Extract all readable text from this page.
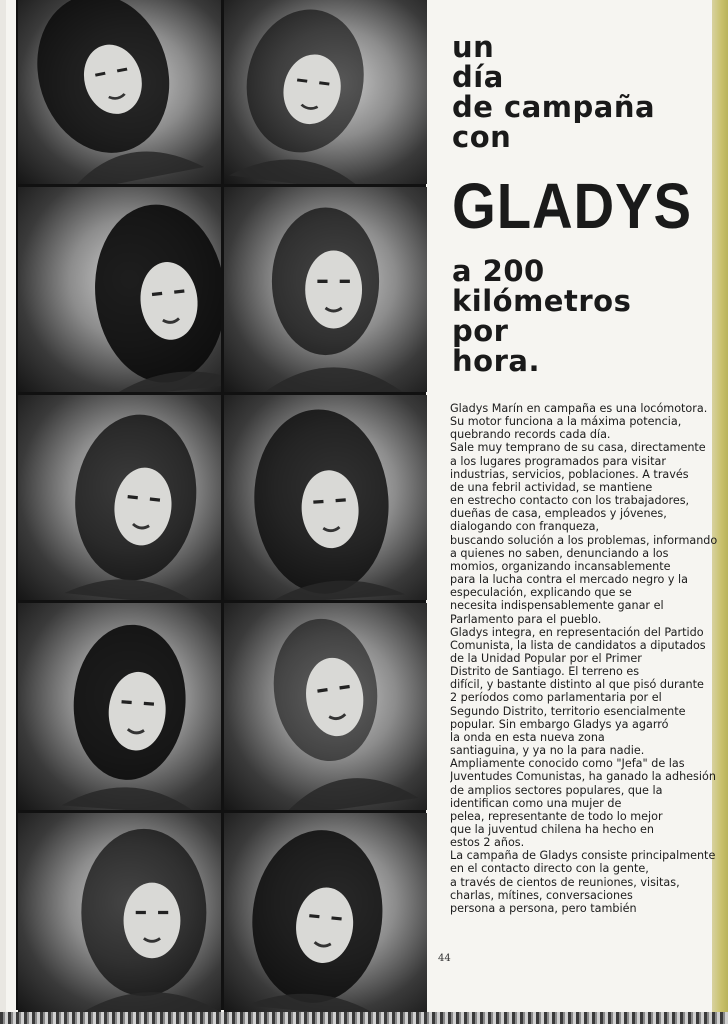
un
día
de campaña
con
GLADYS
a 200
kilómetros
por
hora.
Gladys Marín en campaña es una locómotora.
Su motor funciona a la máxima potencia,
quebrando records cada día.
Sale muy temprano de su casa, directamente
a los lugares programados para visitar
industrias, servicios, poblaciones. A través
de una febril actividad, se mantiene
en estrecho contacto con los trabajadores,
dueñas de casa, empleados y jóvenes,
dialogando con franqueza,
buscando solución a los problemas, informando
a quienes no saben, denunciando a los
momios, organizando incansablemente
para la lucha contra el mercado negro y la
especulación, explicando que se
necesita indispensablemente ganar el
Parlamento para el pueblo.
Gladys integra, en representación del Partido
Comunista, la lista de candidatos a diputados
de la Unidad Popular por el Primer
Distrito de Santiago. El terreno es
difícil, y bastante distinto al que pisó durante
2 períodos como parlamentaria por el
Segundo Distrito, territorio esencialmente
popular. Sin embargo Gladys ya agarró
la onda en esta nueva zona
santiaguina, y ya no la para nadie.
Ampliamente conocido como "Jefa" de las
Juventudes Comunistas, ha ganado la adhesión
de amplios sectores populares, que la
identifican como una mujer de
pelea, representante de todo lo mejor
que la juventud chilena ha hecho en
estos 2 años.
La campaña de Gladys consiste principalmente
en el contacto directo con la gente,
a través de cientos de reuniones, visitas,
charlas, mítines, conversaciones
persona a persona, pero también
44
